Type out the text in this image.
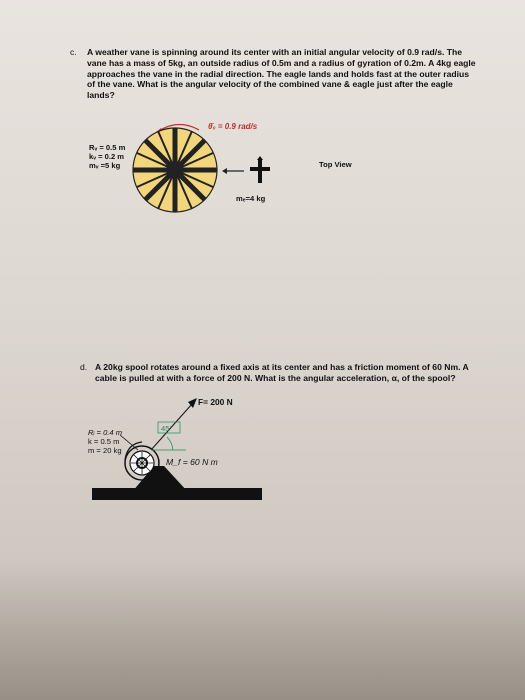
c.	A weather vane is spinning around its center with an initial angular velocity of 0.9 rad/s. The
vane has a mass of 5kg, an outside radius of 0.5m and a radius of gyration of 0.2m. A 4kg eagle
approaches the vane in the radial direction. The eagle lands and holds fast at the outer radius
of the vane. What is the angular velocity of the combined vane & eagle just after the eagle
lands?
θ̇₀ = 0.9 rad/s
Rᵥ = 0.5 m
kᵥ = 0.2 m
mᵥ =5 kg
mₑ=4 kg
Top View
d. A 20kg spool rotates around a fixed axis at its center and has a friction moment of 60 Nm. A
cable is pulled at with a force of 200 N. What is the angular acceleration, α, of the spool?
F= 200 N
45°
Rᵢ = 0.4 m
k = 0.5 m
m = 20 kg
M_f = 60 N m
